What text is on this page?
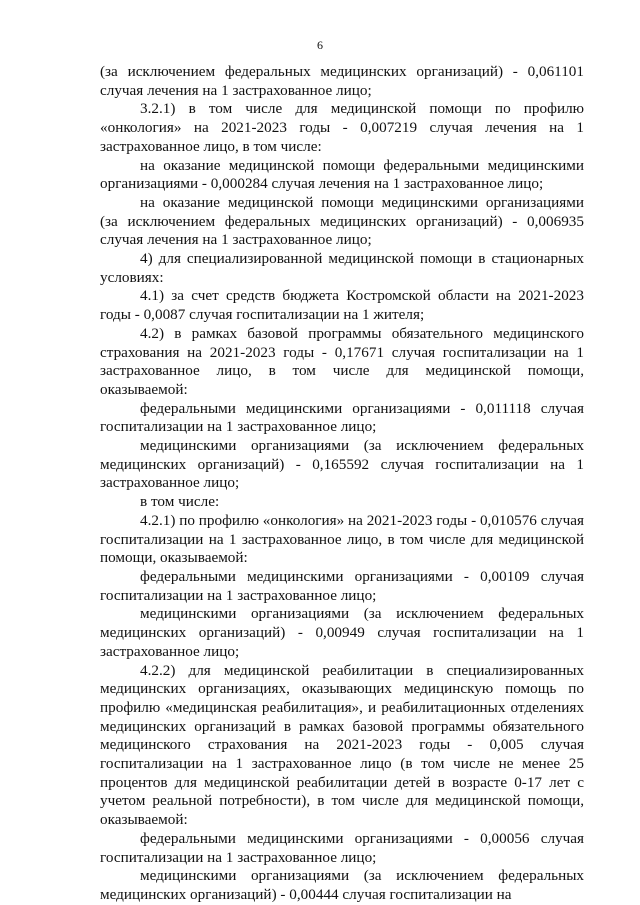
6

(за исключением федеральных медицинских организаций) - 0,061101 случая лечения на 1 застрахованное лицо;

3.2.1) в том числе для медицинской помощи по профилю «онкология» на 2021-2023 годы - 0,007219 случая лечения на 1 застрахованное лицо, в том числе:

на оказание медицинской помощи федеральными медицинскими организациями - 0,000284 случая лечения на 1 застрахованное лицо;

на оказание медицинской помощи медицинскими организациями (за исключением федеральных медицинских организаций) - 0,006935 случая лечения на 1 застрахованное лицо;

4) для специализированной медицинской помощи в стационарных условиях:

4.1) за счет средств бюджета Костромской области на 2021-2023 годы - 0,0087 случая госпитализации на 1 жителя;

4.2) в рамках базовой программы обязательного медицинского страхования на 2021-2023 годы - 0,17671 случая госпитализации на 1 застрахованное лицо, в том числе для медицинской помощи, оказываемой:

федеральными медицинскими организациями - 0,011118 случая госпитализации на 1 застрахованное лицо;

медицинскими организациями (за исключением федеральных медицинских организаций) - 0,165592 случая госпитализации на 1 застрахованное лицо;

в том числе:

4.2.1) по профилю «онкология» на 2021-2023 годы - 0,010576 случая госпитализации на 1 застрахованное лицо, в том числе для медицинской помощи, оказываемой:

федеральными медицинскими организациями - 0,00109 случая госпитализации на 1 застрахованное лицо;

медицинскими организациями (за исключением федеральных медицинских организаций) - 0,00949 случая госпитализации на 1 застрахованное лицо;

4.2.2) для медицинской реабилитации в специализированных медицинских организациях, оказывающих медицинскую помощь по профилю «медицинская реабилитация», и реабилитационных отделениях медицинских организаций в рамках базовой программы обязательного медицинского страхования на 2021-2023 годы - 0,005 случая госпитализации на 1 застрахованное лицо (в том числе не менее 25 процентов для медицинской реабилитации детей в возрасте 0-17 лет с учетом реальной потребности), в том числе для медицинской помощи, оказываемой:

федеральными медицинскими организациями - 0,00056 случая госпитализации на 1 застрахованное лицо;

медицинскими организациями (за исключением федеральных медицинских организаций) - 0,00444 случая госпитализации на
